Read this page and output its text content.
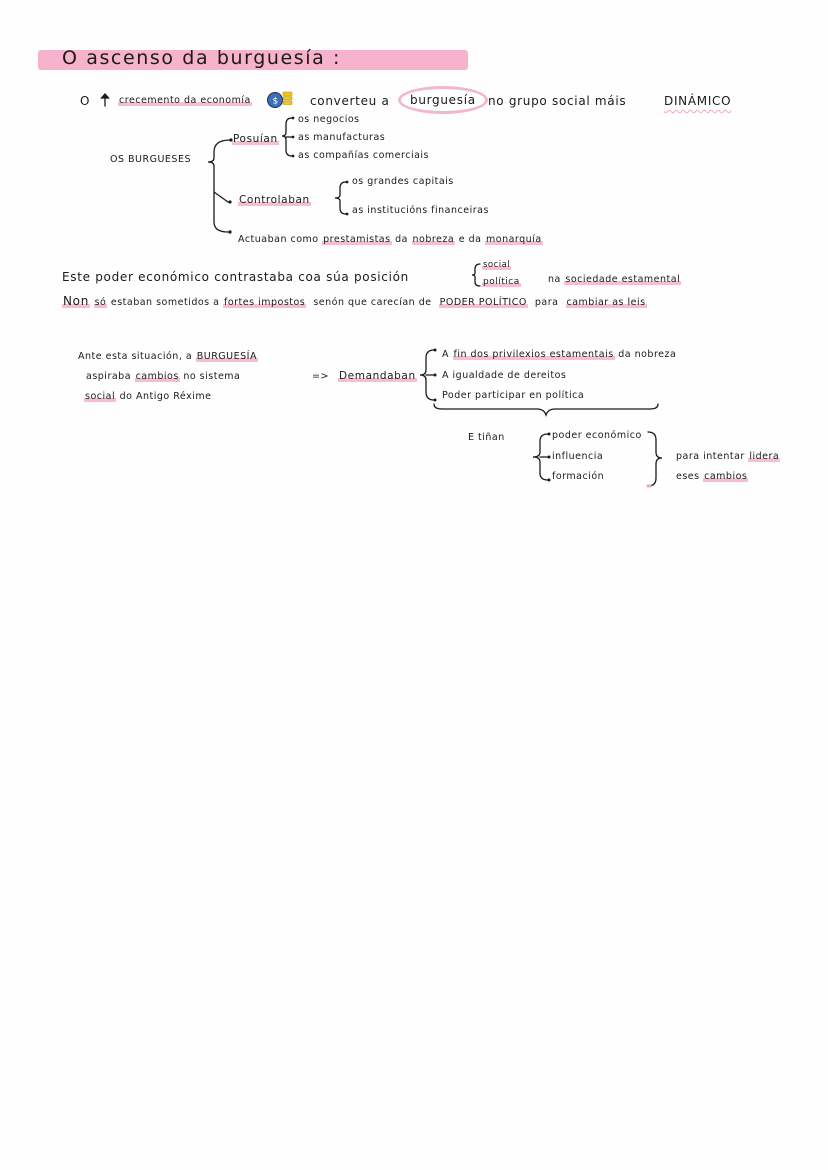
O ascenso da burguesía :
O	crecemento da economía $	converteu a	burguesía	no grupo social máis	DINÁMICO
OS BURGUESES
Posuían
os negocios
as manufacturas
as compañías comerciais
Controlaban
os grandes capitais
as institucións financeiras
Actuaban como prestamistas da nobreza e da monarquía
Este poder económico contrastaba coa súa posición
social
política	na sociedade estamental
Non só estaban sometidos a fortes impostos senón que carecían de PODER POLÍTICO para cambiar as leis
Ante esta situación, a BURGUESÍA
aspiraba cambios no sistema
social do Antigo Réxime
=> Demandaban
A fin dos privilexios estamentais da nobreza
A igualdade de dereitos
Poder participar en política
E tiñan	poder económico
influencia
formación
para intentar lidera
eses cambios
